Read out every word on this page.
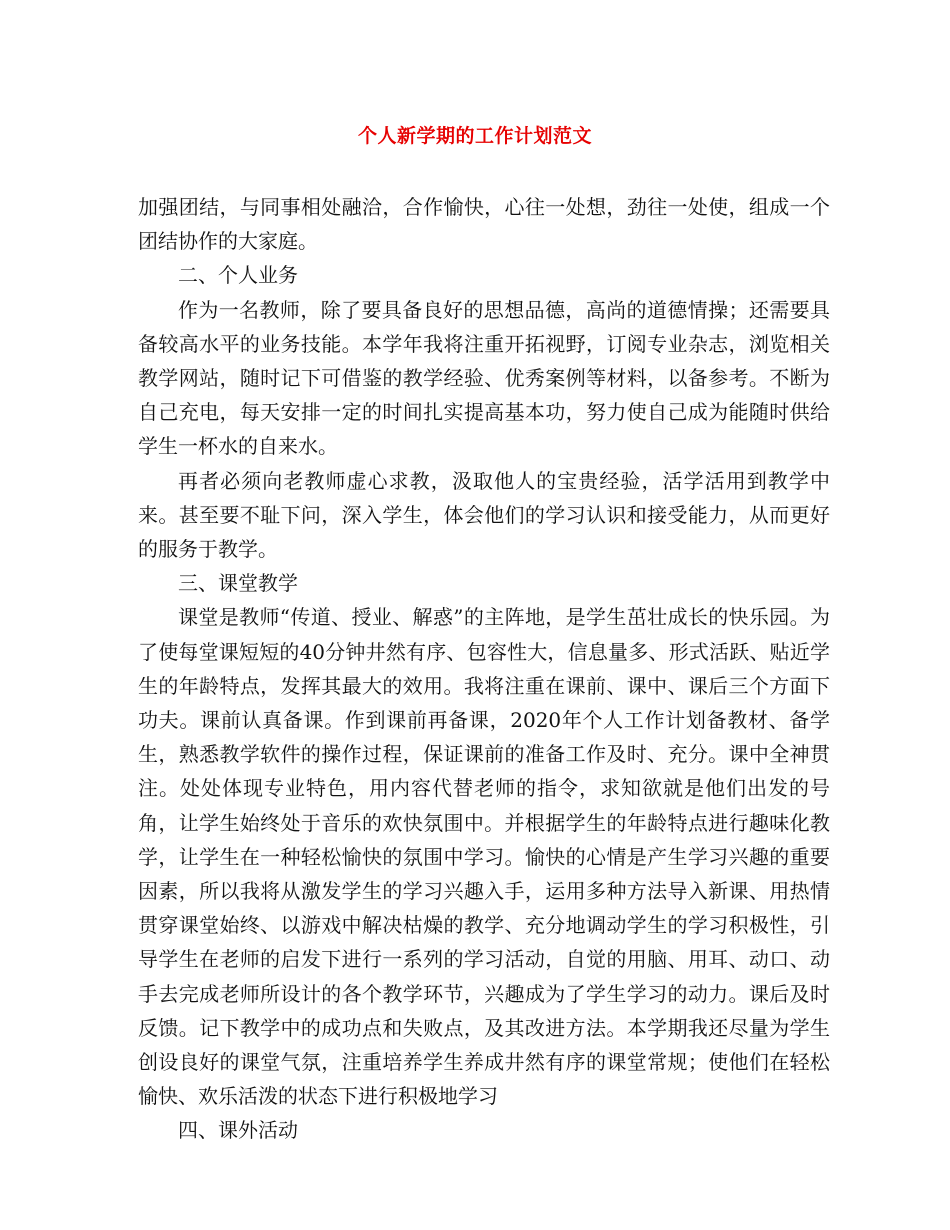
个人新学期的工作计划范文

加强团结，与同事相处融洽，合作愉快，心往一处想，劲往一处使，组成一个团结协作的大家庭。

二、个人业务

作为一名教师，除了要具备良好的思想品德，高尚的道德情操；还需要具备较高水平的业务技能。本学年我将注重开拓视野，订阅专业杂志，浏览相关教学网站，随时记下可借鉴的教学经验、优秀案例等材料，以备参考。不断为自己充电，每天安排一定的时间扎实提高基本功，努力使自己成为能随时供给学生一杯水的自来水。

再者必须向老教师虚心求教，汲取他人的宝贵经验，活学活用到教学中来。甚至要不耻下问，深入学生，体会他们的学习认识和接受能力，从而更好的服务于教学。

三、课堂教学

课堂是教师“传道、授业、解惑”的主阵地，是学生茁壮成长的快乐园。为了使每堂课短短的40分钟井然有序、包容性大，信息量多、形式活跃、贴近学生的年龄特点，发挥其最大的效用。我将注重在课前、课中、课后三个方面下功夫。课前认真备课。作到课前再备课，2020年个人工作计划备教材、备学生，熟悉教学软件的操作过程，保证课前的准备工作及时、充分。课中全神贯注。处处体现专业特色，用内容代替老师的指令，求知欲就是他们出发的号角，让学生始终处于音乐的欢快氛围中。并根据学生的年龄特点进行趣味化教学，让学生在一种轻松愉快的氛围中学习。愉快的心情是产生学习兴趣的重要因素，所以我将从激发学生的学习兴趣入手，运用多种方法导入新课、用热情贯穿课堂始终、以游戏中解决枯燥的教学、充分地调动学生的学习积极性，引导学生在老师的启发下进行一系列的学习活动，自觉的用脑、用耳、动口、动手去完成老师所设计的各个教学环节，兴趣成为了学生学习的动力。课后及时反馈。记下教学中的成功点和失败点，及其改进方法。本学期我还尽量为学生创设良好的课堂气氛，注重培养学生养成井然有序的课堂常规；使他们在轻松愉快、欢乐活泼的状态下进行积极地学习

四、课外活动
